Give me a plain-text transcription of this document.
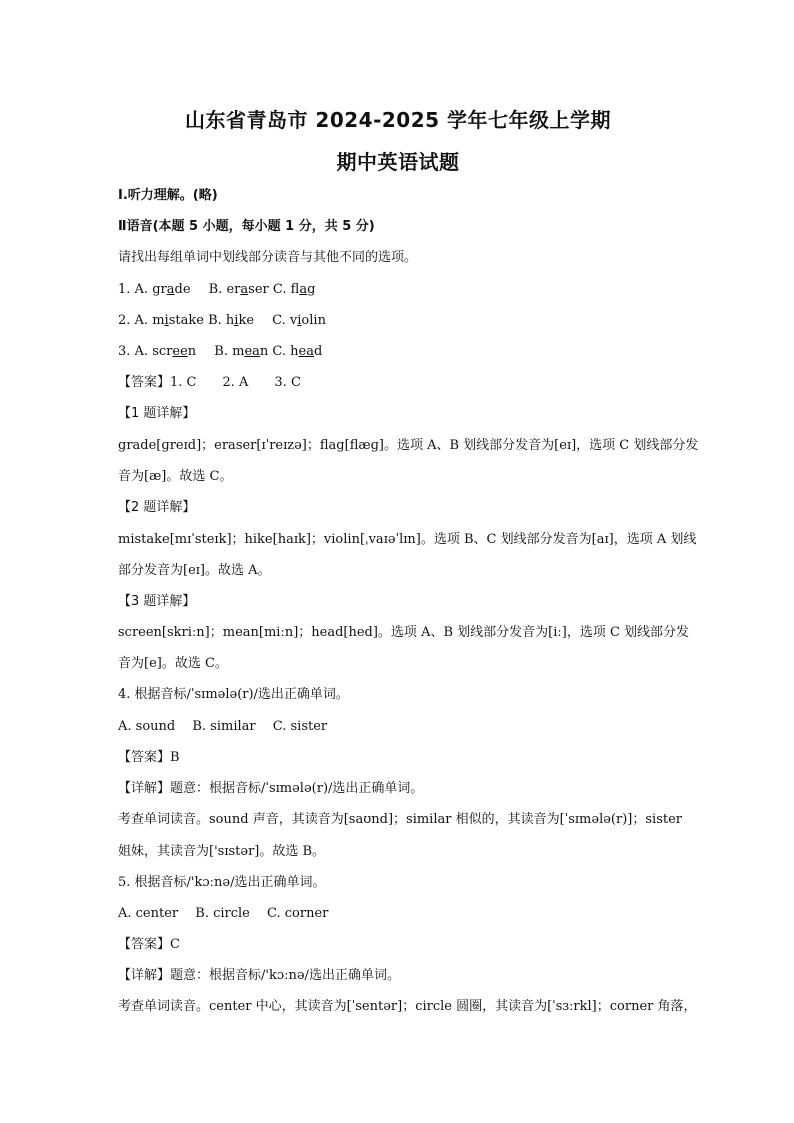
山东省青岛市 2024-2025 学年七年级上学期
期中英语试题
Ⅰ.听力理解。(略)
Ⅱ语音(本题 5 小题，每小题 1 分，共 5 分)
请找出每组单词中划线部分读音与其他不同的选项。
1. A. grade B. eraser C. flag
2. A. mistake B. hike C. violin
3. A. screen B. mean C. head
【答案】1. C　　2. A　　3. C
【1 题详解】
grade[ɡreɪd]；eraser[ɪˈreɪzə]；flag[flæɡ]。选项 A、B 划线部分发音为[eɪ]，选项 C 划线部分发
音为[æ]。故选 C。
【2 题详解】
mistake[mɪˈsteɪk]；hike[haɪk]；violin[ˌvaɪəˈlɪn]。选项 B、C 划线部分发音为[aɪ]，选项 A 划线
部分发音为[eɪ]。故选 A。
【3 题详解】
screen[skriːn]；mean[miːn]；head[hed]。选项 A、B 划线部分发音为[iː]，选项 C 划线部分发
音为[e]。故选 C。
4. 根据音标/ˈsɪmələ(r)/选出正确单词。
A. sound　 B. similar　 C. sister
【答案】B
【详解】题意：根据音标/ˈsɪmələ(r)/选出正确单词。
考查单词读音。sound 声音，其读音为[saʊnd]；similar 相似的，其读音为[ˈsɪmələ(r)]；sister
姐妹，其读音为['sɪstər]。故选 B。
5. 根据音标/'kɔːnə/选出正确单词。
A. center　 B. circle　 C. corner
【答案】C
【详解】题意：根据音标/'kɔːnə/选出正确单词。
考查单词读音。center 中心，其读音为[ˈsentər]；circle 圆圈，其读音为[ˈsɜːrkl]；corner 角落，
